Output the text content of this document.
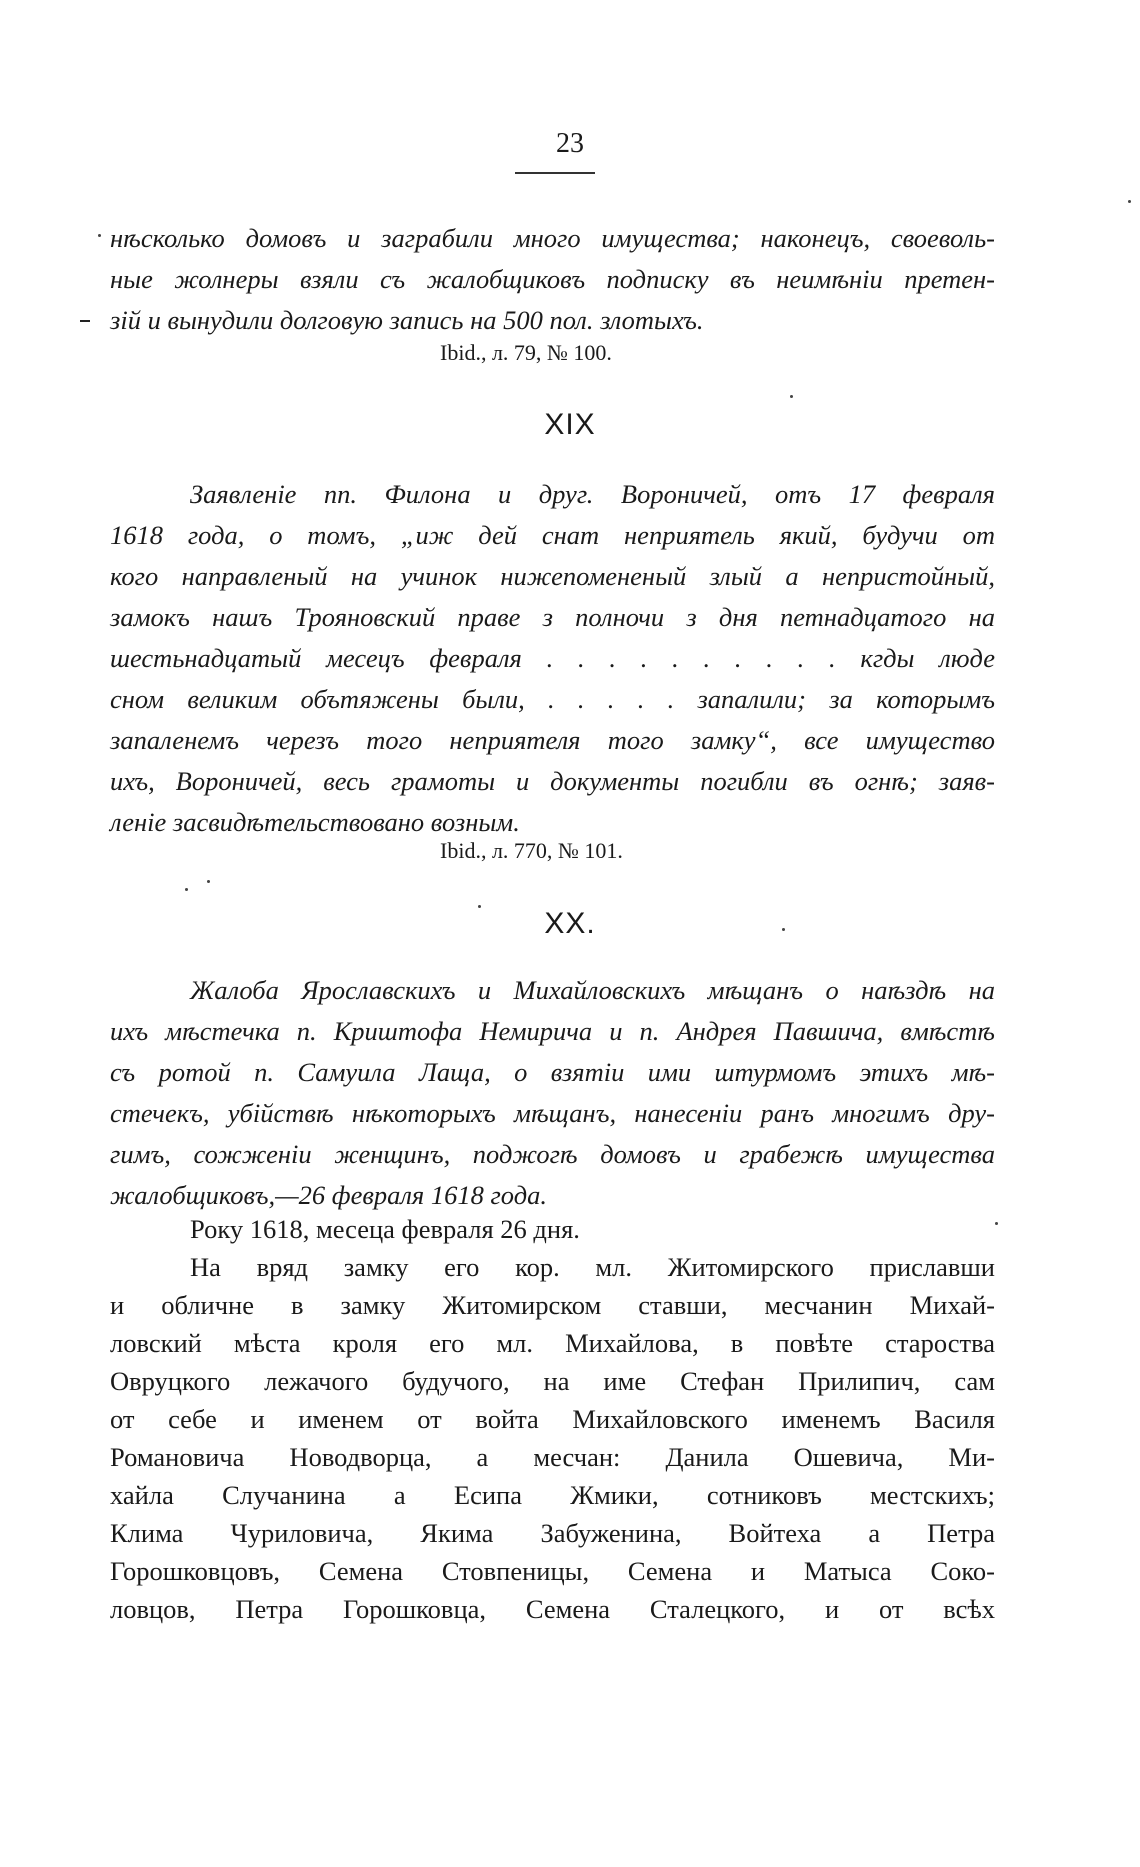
23
нѣсколько домовъ и заграбили много имущества; наконецъ, своеволь-
ные жолнеры взяли съ жалобщиковъ подписку въ неимѣніи претен-
зій и вынудили долговую запись на 500 пол. злотыхъ.
Ibid., л. 79, № 100.
XIX
Заявленіе пп. Филона и друг. Вороничей, отъ 17 февраля
1618 года, о томъ, „иж дей снат неприятель який, будучи от
кого направленый на учинок нижепомененый злый а непристойный,
замокъ нашъ Трояновский праве з полночи з дня петнадцатого на
шестьнадцатый месецъ февраля . . . . . . . . . . кгды люде
сном великим обътяжены были, . . . . . запалили; за которымъ
запаленемъ черезъ того неприятеля того замку“, все имущество
ихъ, Вороничей, весь грамоты и документы погибли въ огнѣ; заяв-
леніе засвидѣтельствовано возным.
Ibid., л. 770, № 101.
XX.
Жалоба Ярославскихъ и Михайловскихъ мѣщанъ о наѣздѣ на
ихъ мѣстечка п. Криштофа Немирича и п. Андрея Павшича, вмѣстѣ
съ ротой п. Самуила Лаща, о взятіи ими штурмомъ этихъ мѣ-
стечекъ, убійствѣ нѣкоторыхъ мѣщанъ, нанесеніи ранъ многимъ дру-
гимъ, сожженіи женщинъ, поджогѣ домовъ и грабежѣ имущества
жалобщиковъ,—26 февраля 1618 года.
Року 1618, месеца февраля 26 дня.
На вряд замку его кор. мл. Житомирского приславши
и обличне в замку Житомирском ставши, месчанин Михай-
ловский мѣста кроля его мл. Михайлова, в повѣте староства
Овруцкого лежачого будучого, на име Стефан Прилипич, сам
от себе и именем от войта Михайловского именемъ Василя
Романовича Новодворца, а месчан: Данила Ошевича, Ми-
хайла Случанина а Есипа Жмики, сотниковъ местскихъ;
Клима Чуриловича, Якима Забуженина, Войтеха а Петра
Горошковцовъ, Семена Стовпеницы, Семена и Матыса Соко-
ловцов, Петра Горошковца, Семена Сталецкого, и от всѣх
